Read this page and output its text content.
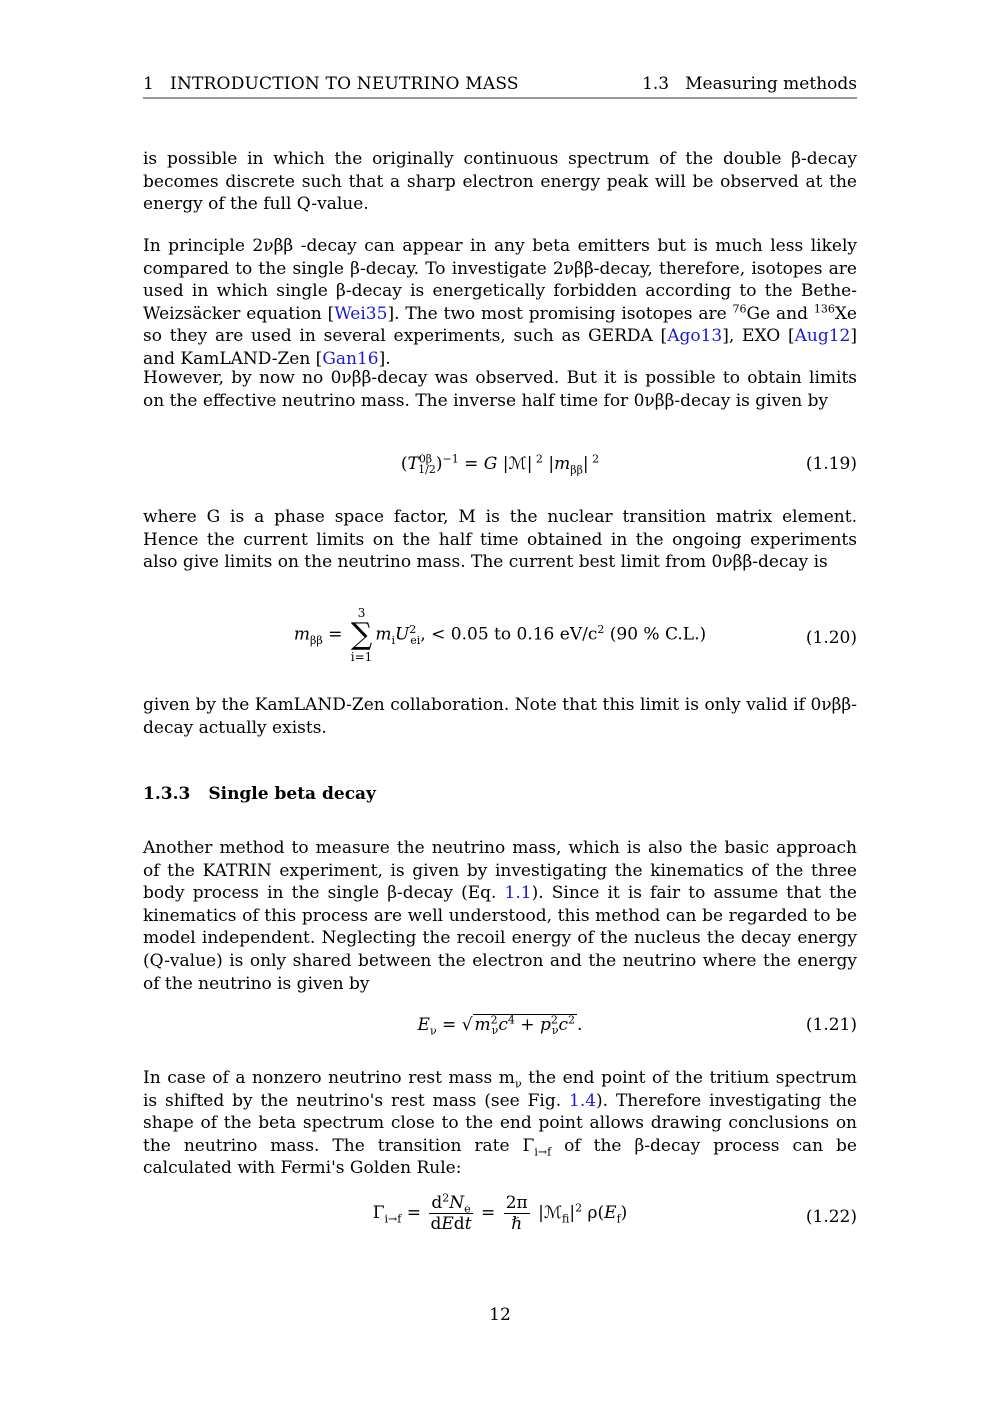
1 INTRODUCTION TO NEUTRINO MASS	1.3 Measuring methods

is possible in which the originally continuous spectrum of the double β-decay becomes discrete such that a sharp electron energy peak will be observed at the energy of the full Q-value.

In principle 2νββ -decay can appear in any beta emitters but is much less likely compared to the single β-decay. To investigate 2νββ-decay, therefore, isotopes are used in which single β-decay is energetically forbidden according to the Bethe-Weizsäcker equation [Wei35]. The two most promising isotopes are $^{76}$Ge and $^{136}$Xe so they are used in several experiments, such as GERDA [Ago13], EXO [Aug12] and KamLAND-Zen [Gan16].

However, by now no 0νββ-decay was observed. But it is possible to obtain limits on the effective neutrino mass. The inverse half time for 0νββ-decay is given by

$(T^{0\beta}_{1/2})^{-1} = G$ |ℳ| $^2$ $|m_{\beta\beta}|$ $^2$	(1.19)

where G is a phase space factor, M is the nuclear transition matrix element. Hence the current limits on the half time obtained in the ongoing experiments also give limits on the neutrino mass. The current best limit from 0νββ-decay is

$m_{\beta\beta}$ =
3
∑
i=1
$m_iU^2_{ei}$, < 0.05 to 0.16 $eV/c^2$ (90 % C.L.)	(1.20)

given by the KamLAND-Zen collaboration. Note that this limit is only valid if 0νββ-decay actually exists.

1.3.3 Single beta decay

Another method to measure the neutrino mass, which is also the basic approach of the KATRIN experiment, is given by investigating the kinematics of the three body process in the single β-decay (Eq. 1.1). Since it is fair to assume that the kinematics of this process are well understood, this method can be regarded to be model independent. Neglecting the recoil energy of the nucleus the decay energy (Q-value) is only shared between the electron and the neutrino where the energy of the neutrino is given by

$E_\nu$ = √ $m^2_\nu c^4 + p^2_\nu c^2$ .	(1.21)

In case of a nonzero neutrino rest mass $m_\nu$ the end point of the tritium spectrum is shifted by the neutrino's rest mass (see Fig. 1.4). Therefore investigating the shape of the beta spectrum close to the end point allows drawing conclusions on the neutrino mass. The transition rate $\Gamma_{i\to f}$ of the β-decay process can be calculated with Fermi's Golden Rule:

$\Gamma_{i\to f} = \frac{d^2N_e}{\text{dEdt}} = \frac{2\pi}{\text{ℏ}}$ $|ℳ_{fi}|^2$ $\rho(E_f)$	(1.22)
12
